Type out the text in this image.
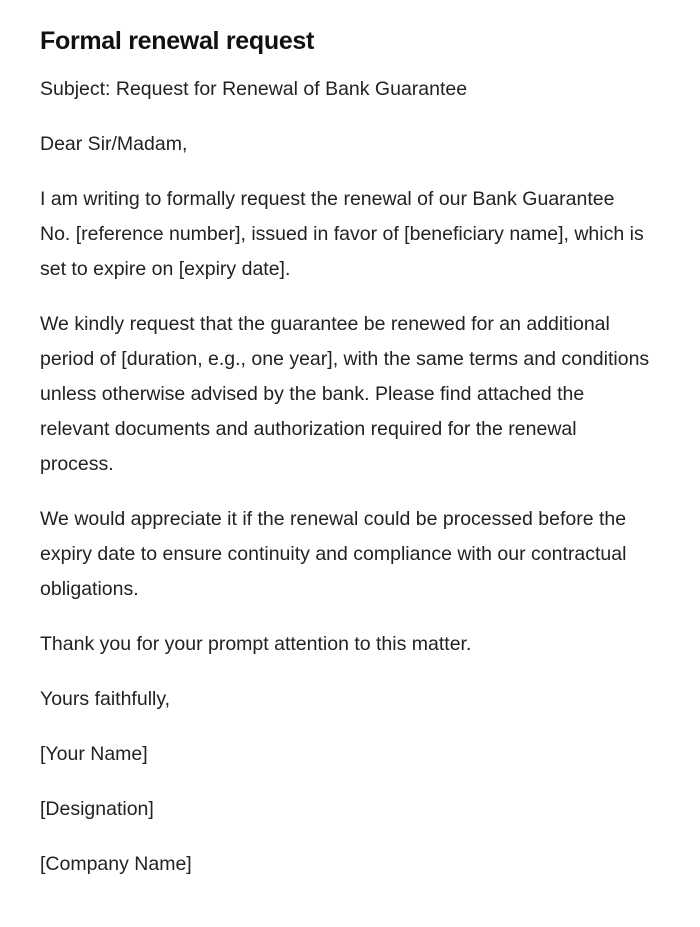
Formal renewal request

Subject: Request for Renewal of Bank Guarantee

Dear Sir/Madam,

I am writing to formally request the renewal of our Bank Guarantee No. [reference number], issued in favor of [beneficiary name], which is set to expire on [expiry date].

We kindly request that the guarantee be renewed for an additional period of [duration, e.g., one year], with the same terms and conditions unless otherwise advised by the bank. Please find attached the relevant documents and authorization required for the renewal process.

We would appreciate it if the renewal could be processed before the expiry date to ensure continuity and compliance with our contractual obligations.

Thank you for your prompt attention to this matter.

Yours faithfully,

[Your Name]

[Designation]

[Company Name]
